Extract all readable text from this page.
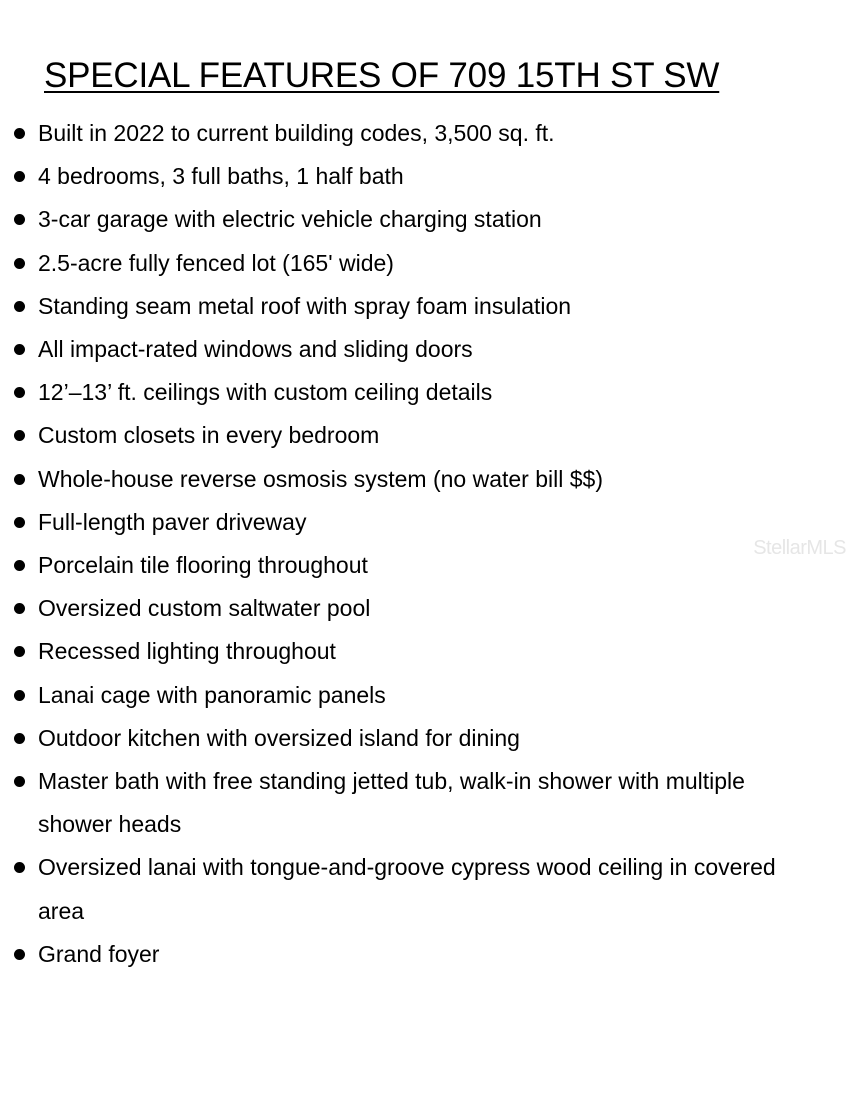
SPECIAL FEATURES OF 709 15TH ST SW
Built in 2022 to current building codes, 3,500 sq. ft.
4 bedrooms, 3 full baths, 1 half bath
3-car garage with electric vehicle charging station
2.5-acre fully fenced lot (165' wide)
Standing seam metal roof with spray foam insulation
All impact-rated windows and sliding doors
12’–13’ ft. ceilings with custom ceiling details
Custom closets in every bedroom
Whole-house reverse osmosis system (no water bill $$)
Full-length paver driveway
Porcelain tile flooring throughout
Oversized custom saltwater pool
Recessed lighting throughout
Lanai cage with panoramic panels
Outdoor kitchen with oversized island for dining
Master bath with free standing jetted tub, walk-in shower with multiple shower heads
Oversized lanai with tongue-and-groove cypress wood ceiling in covered area
Grand foyer
StellarMLS
